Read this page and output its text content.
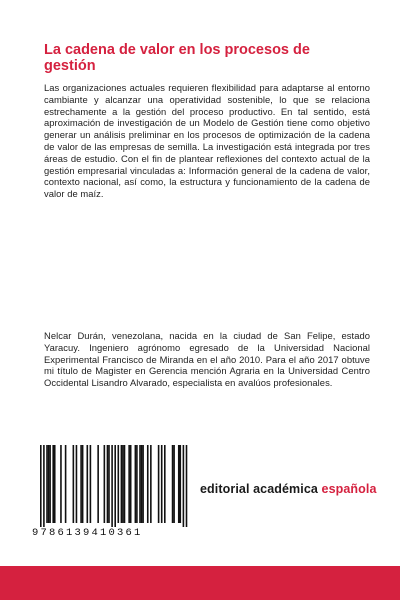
La cadena de valor en los procesos de gestión

Las organizaciones actuales requieren flexibilidad para adaptarse al entorno cambiante y alcanzar una operatividad sostenible, lo que se relaciona estrechamente a la gestión del proceso productivo. En tal sentido, está aproximación de investigación de un Modelo de Gestión tiene como objetivo generar un análisis preliminar en los procesos de optimización de la cadena de valor de las empresas de semilla. La investigación está integrada por tres áreas de estudio. Con el fin de plantear reflexiones del contexto actual de la gestión empresarial vinculadas a: Información general de la cadena de valor, contexto nacional, así como, la estructura y funcionamiento de la cadena de valor de maíz.

Nelcar Durán, venezolana, nacida en la ciudad de San Felipe, estado Yaracuy. Ingeniero agrónomo egresado de la Universidad Nacional Experimental Francisco de Miranda en el año 2010. Para el año 2017 obtuve mi título de Magister en Gerencia mención Agraria en la Universidad Centro Occidental Lisandro Alvarado, especialista en avalúos profesionales.

9786139410361
editorial académica española
